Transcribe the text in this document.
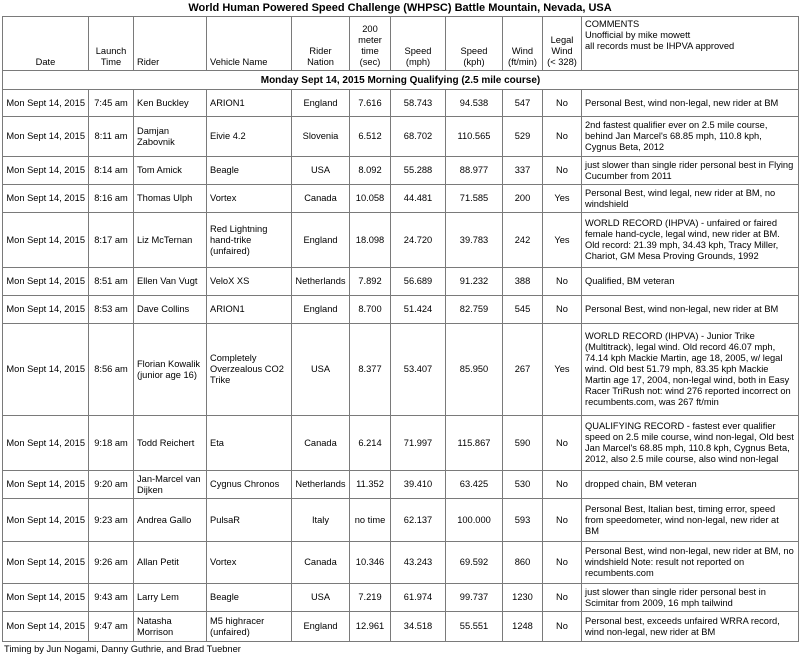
World Human Powered Speed Challenge (WHPSC) Battle Mountain, Nevada, USA
Monday Sept 14, 2015 Morning Qualifying (2.5 mile course)										
Date	Launch Time	Rider	Vehicle Name	Rider Nation	200 meter time (sec)	Speed (mph)	Speed (kph)	Wind (ft/min)	Legal Wind (< 328)	COMMENTS
Unofficial by mike mowett
all records must be IHPVA approved

Mon Sept 14, 2015	7:45 am	Ken Buckley	ARION1	England	7.616	58.743	94.538	547	No	Personal Best, wind non-legal, new rider at BM
Mon Sept 14, 2015	8:11 am	Damjan Zabovnik	Eivie 4.2	Slovenia	6.512	68.702	110.565	529	No	2nd fastest qualifier ever on 2.5 mile course, behind Jan Marcel's 68.85 mph, 110.8 kph, Cygnus Beta, 2012
Mon Sept 14, 2015	8:14 am	Tom Amick	Beagle	USA	8.092	55.288	88.977	337	No	just slower than single rider personal best in Flying Cucumber from 2011
Mon Sept 14, 2015	8:16 am	Thomas Ulph	Vortex	Canada	10.058	44.481	71.585	200	Yes	Personal Best, wind legal, new rider at BM, no windshield
Mon Sept 14, 2015	8:17 am	Liz McTernan	Red Lightning hand-trike (unfaired)	England	18.098	24.720	39.783	242	Yes	WORLD RECORD (IHPVA) - unfaired or faired female hand-cycle, legal wind, new rider at BM. Old record: 21.39 mph, 34.43 kph, Tracy Miller, Chariot, GM Mesa Proving Grounds, 1992
Mon Sept 14, 2015	8:51 am	Ellen Van Vugt	VeloX XS	Netherlands	7.892	56.689	91.232	388	No	Qualified, BM veteran
Mon Sept 14, 2015	8:53 am	Dave Collins	ARION1	England	8.700	51.424	82.759	545	No	Personal Best, wind non-legal, new rider at BM
Mon Sept 14, 2015	8:56 am	Florian Kowalik (junior age 16)	Completely Overzealous CO2 Trike	USA	8.377	53.407	85.950	267	Yes	WORLD RECORD (IHPVA) - Junior Trike (Multitrack), legal wind. Old record 46.07 mph, 74.14 kph Mackie Martin, age 18, 2005, w/ legal wind. Old best 51.79 mph, 83.35 kph Mackie Martin age 17, 2004, non-legal wind, both in Easy Racer TriRush not: wind 276 reported incorrect on recumbents.com, was 267 ft/min
Mon Sept 14, 2015	9:18 am	Todd Reichert	Eta	Canada	6.214	71.997	115.867	590	No	QUALIFYING RECORD - fastest ever qualifier speed on 2.5 mile course, wind non-legal, Old best Jan Marcel's 68.85 mph, 110.8 kph, Cygnus Beta, 2012, also 2.5 mile course, also wind non-legal
Mon Sept 14, 2015	9:20 am	Jan-Marcel van Dijken	Cygnus Chronos	Netherlands	11.352	39.410	63.425	530	No	dropped chain, BM veteran
Mon Sept 14, 2015	9:23 am	Andrea Gallo	PulsaR	Italy	no time	62.137	100.000	593	No	Personal Best, Italian best, timing error, speed from speedometer, wind non-legal, new rider at BM
Mon Sept 14, 2015	9:26 am	Allan Petit	Vortex	Canada	10.346	43.243	69.592	860	No	Personal Best, wind non-legal, new rider at BM, no windshield Note: result not reported on recumbents.com
Mon Sept 14, 2015	9:43 am	Larry Lem	Beagle	USA	7.219	61.974	99.737	1230	No	just slower than single rider personal best in Scimitar from 2009, 16 mph tailwind
Mon Sept 14, 2015	9:47 am	Natasha Morrison	M5 highracer (unfaired)	England	12.961	34.518	55.551	1248	No	Personal best, exceeds unfaired WRRA record, wind non-legal, new rider at BM
Timing by Jun Nogami, Danny Guthrie, and Brad Tuebner
